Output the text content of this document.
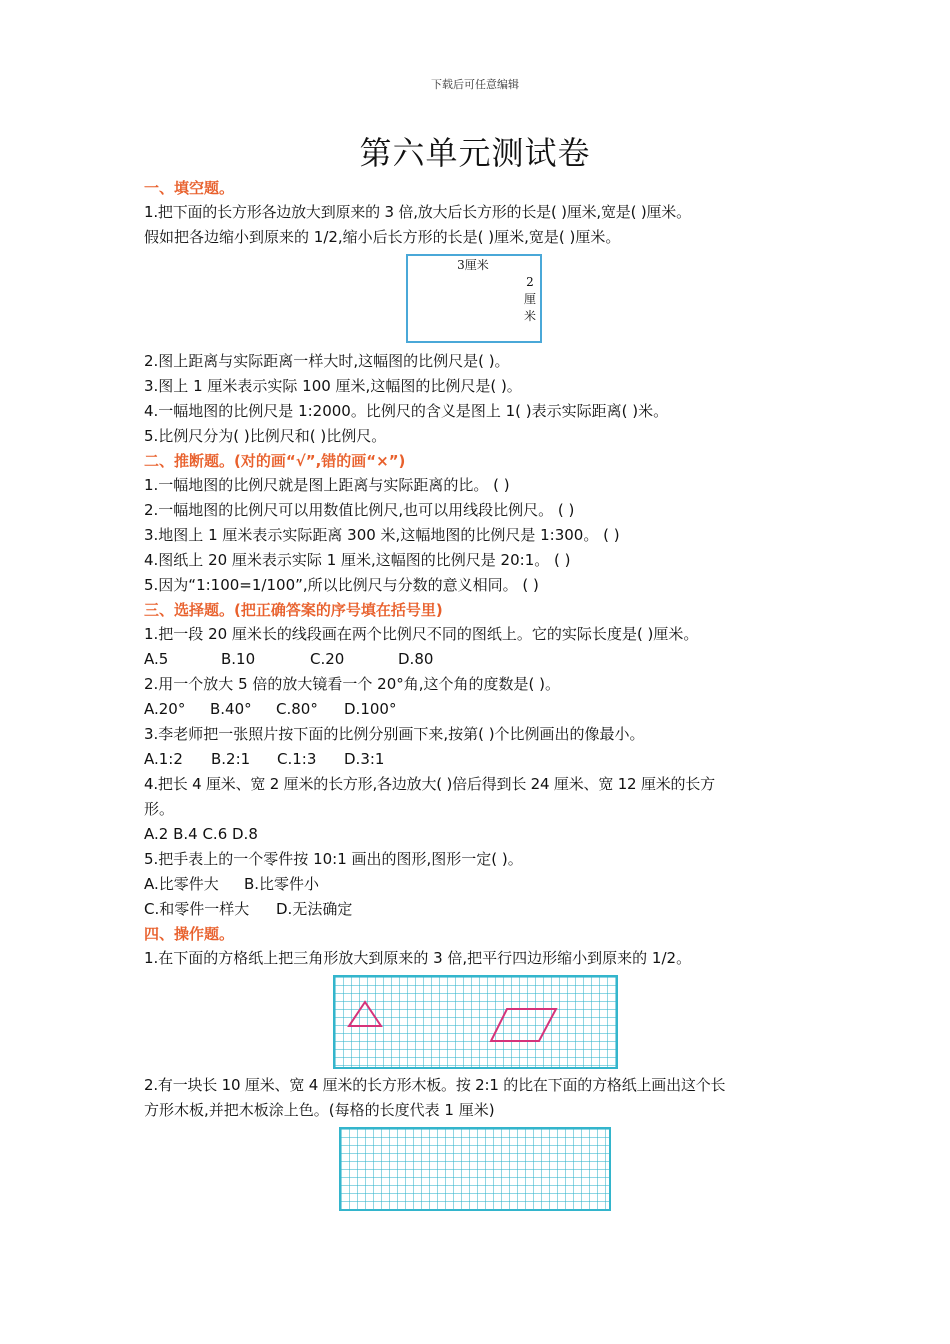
下载后可任意编辑
第六单元测试卷
一、填空题。
1.把下面的长方形各边放大到原来的 3 倍,放大后长方形的长是( )厘米,宽是( )厘米。
假如把各边缩小到原来的 1/2,缩小后长方形的长是( )厘米,宽是( )厘米。
3厘米
2
厘
米
2.图上距离与实际距离一样大时,这幅图的比例尺是( )。
3.图上 1 厘米表示实际 100 厘米,这幅图的比例尺是( )。
4.一幅地图的比例尺是 1:2000。比例尺的含义是图上 1( )表示实际距离( )米。
5.比例尺分为( )比例尺和( )比例尺。
二、推断题。(对的画“√”,错的画“×”)
1.一幅地图的比例尺就是图上距离与实际距离的比。 ( )
2.一幅地图的比例尺可以用数值比例尺,也可以用线段比例尺。 ( )
3.地图上 1 厘米表示实际距离 300 米,这幅地图的比例尺是 1:300。 ( )
4.图纸上 20 厘米表示实际 1 厘米,这幅图的比例尺是 20:1。 ( )
5.因为“1:100=1/100”,所以比例尺与分数的意义相同。 ( )
三、选择题。(把正确答案的序号填在括号里)
1.把一段 20 厘米长的线段画在两个比例尺不同的图纸上。它的实际长度是( )厘米。
A.5	B.10	C.20	D.80
2.用一个放大 5 倍的放大镜看一个 20°角,这个角的度数是( )。
A.20°	B.40°	C.80°	D.100°
3.李老师把一张照片按下面的比例分别画下来,按第( )个比例画出的像最小。
A.1:2	B.2:1	C.1:3	D.3:1
4.把长 4 厘米、宽 2 厘米的长方形,各边放大( )倍后得到长 24 厘米、宽 12 厘米的长方
形。
A.2 B.4 C.6 D.8
5.把手表上的一个零件按 10:1 画出的图形,图形一定( )。
A.比零件大	B.比零件小
C.和零件一样大	D.无法确定
四、操作题。
1.在下面的方格纸上把三角形放大到原来的 3 倍,把平行四边形缩小到原来的 1/2。
2.有一块长 10 厘米、宽 4 厘米的长方形木板。按 2:1 的比在下面的方格纸上画出这个长
方形木板,并把木板涂上色。(每格的长度代表 1 厘米)
